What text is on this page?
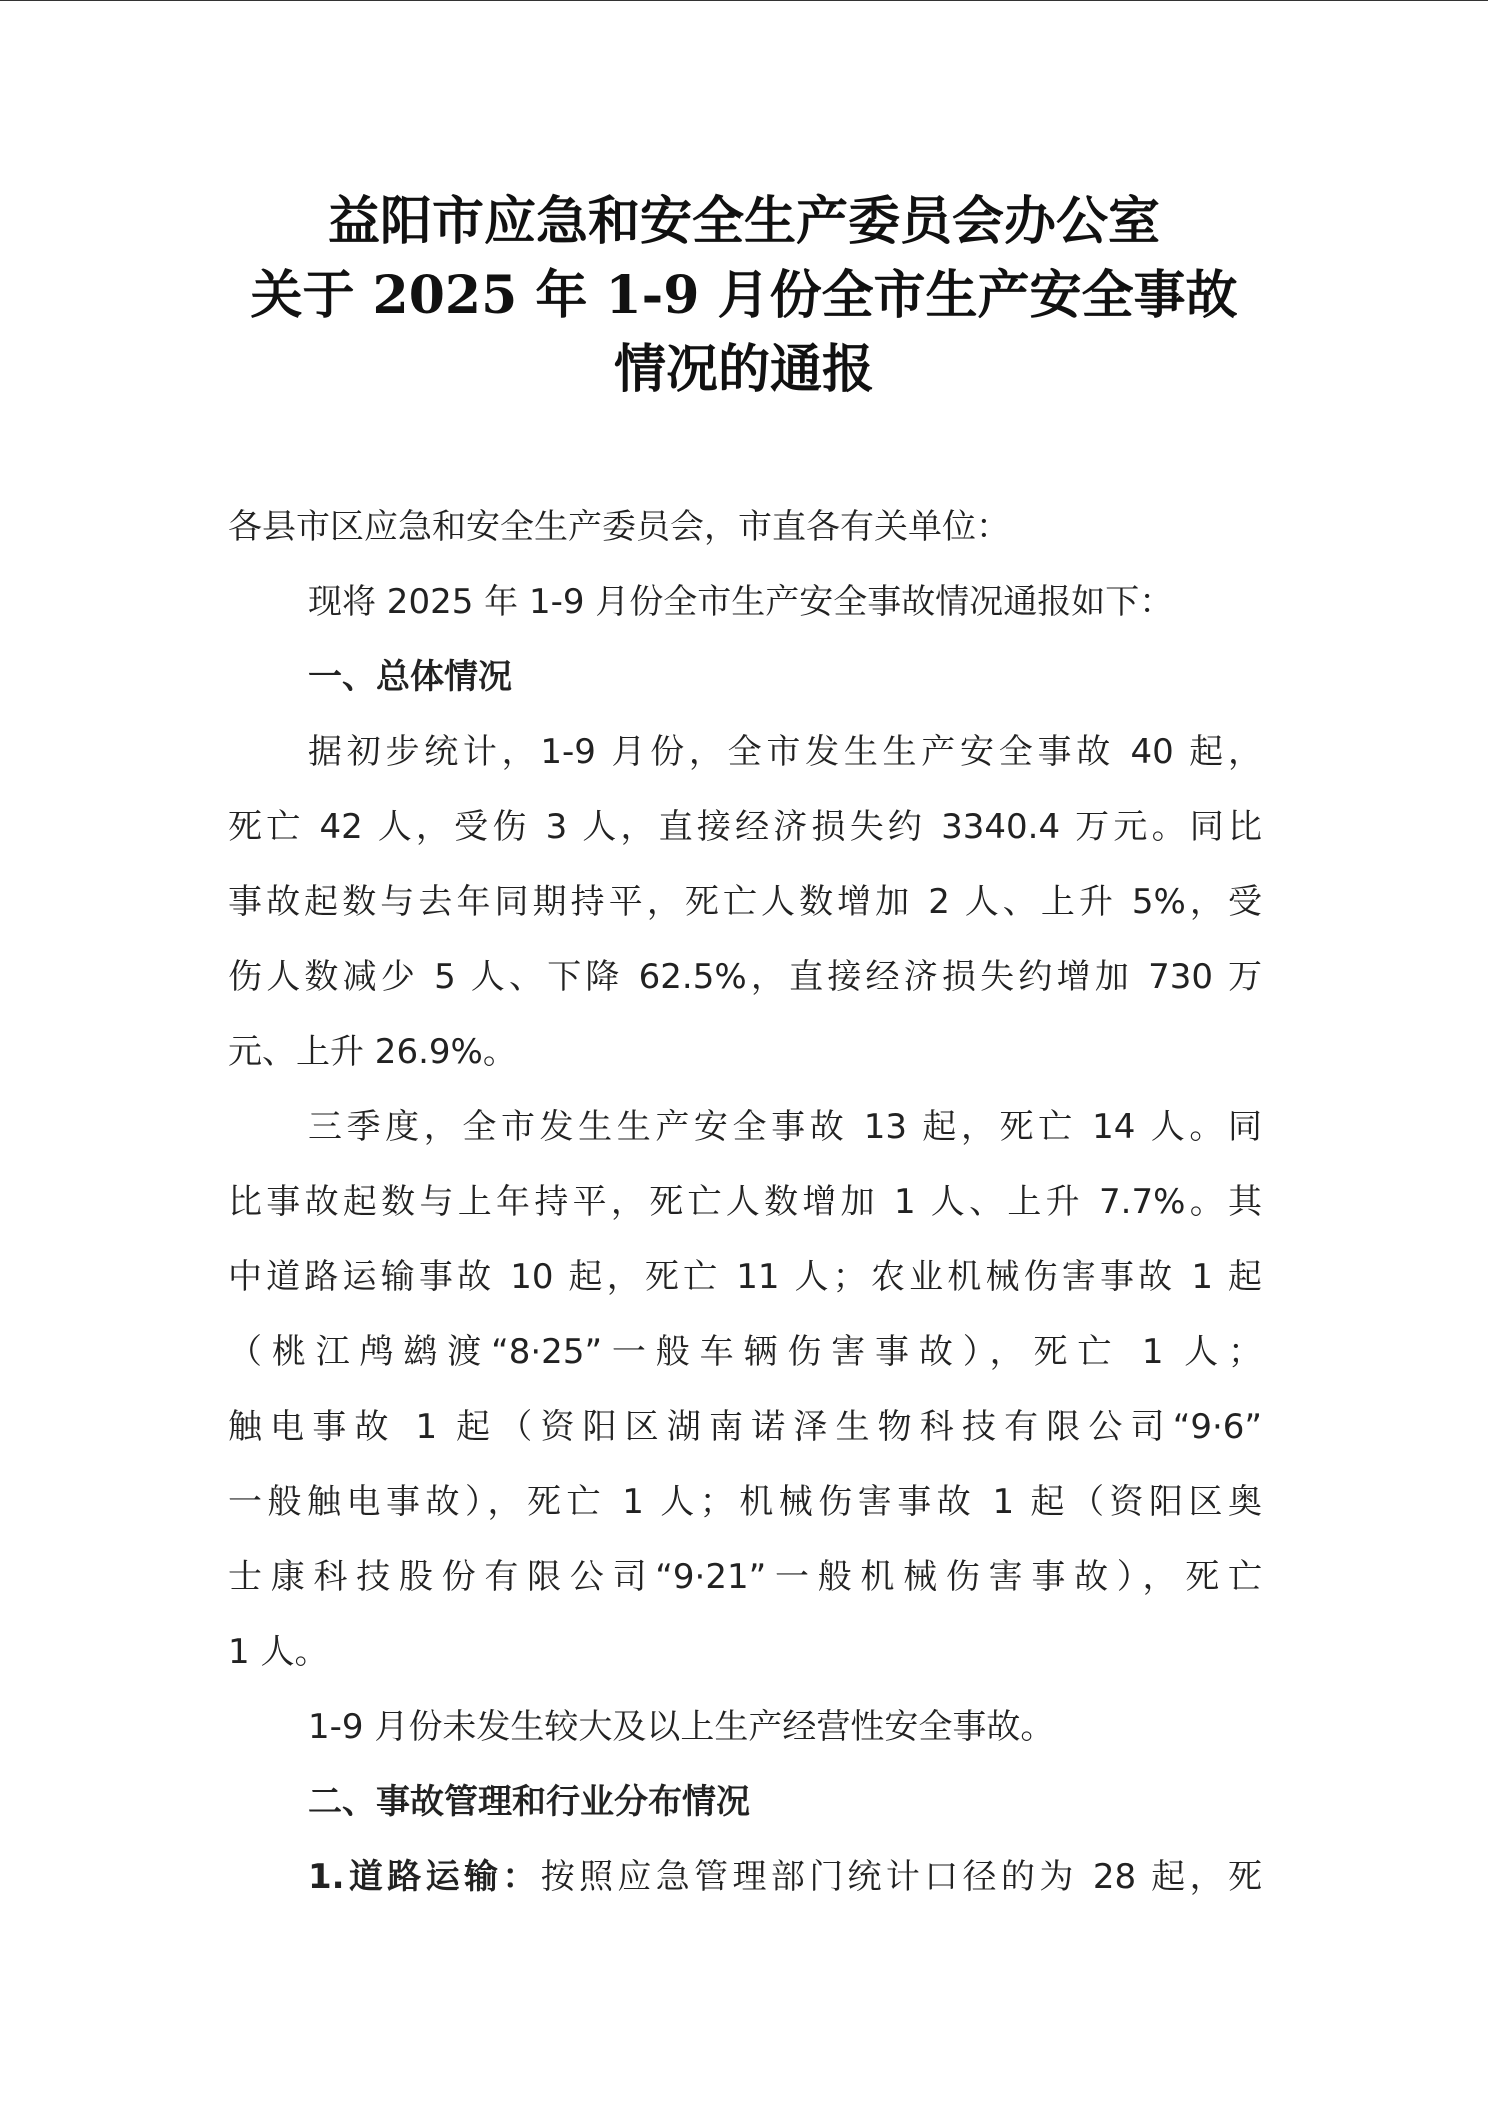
益阳市应急和安全生产委员会办公室
关于 2025 年 1-9 月份全市生产安全事故
情况的通报
各县市区应急和安全生产委员会，市直各有关单位：
现将 2025 年 1-9 月份全市生产安全事故情况通报如下：
一、总体情况
据初步统计，1-9 月份，全市发生生产安全事故 40 起，
死亡 42 人，受伤 3 人，直接经济损失约 3340.4 万元。同比
事故起数与去年同期持平，死亡人数增加 2 人、上升 5%，受
伤人数减少 5 人、下降 62.5%，直接经济损失约增加 730 万
元、上升 26.9%。
三季度，全市发生生产安全事故 13 起，死亡 14 人。同
比事故起数与上年持平，死亡人数增加 1 人、上升 7.7%。其
中道路运输事故 10 起，死亡 11 人；农业机械伤害事故 1 起
（桃江鸬鹚渡“8·25”一般车辆伤害事故），死亡 1 人；
触电事故 1 起（资阳区湖南诺泽生物科技有限公司“9·6”
一般触电事故），死亡 1 人；机械伤害事故 1 起（资阳区奥
士康科技股份有限公司“9·21”一般机械伤害事故），死亡
1 人。
1-9 月份未发生较大及以上生产经营性安全事故。
二、事故管理和行业分布情况
1.道路运输：按照应急管理部门统计口径的为 28 起，死
